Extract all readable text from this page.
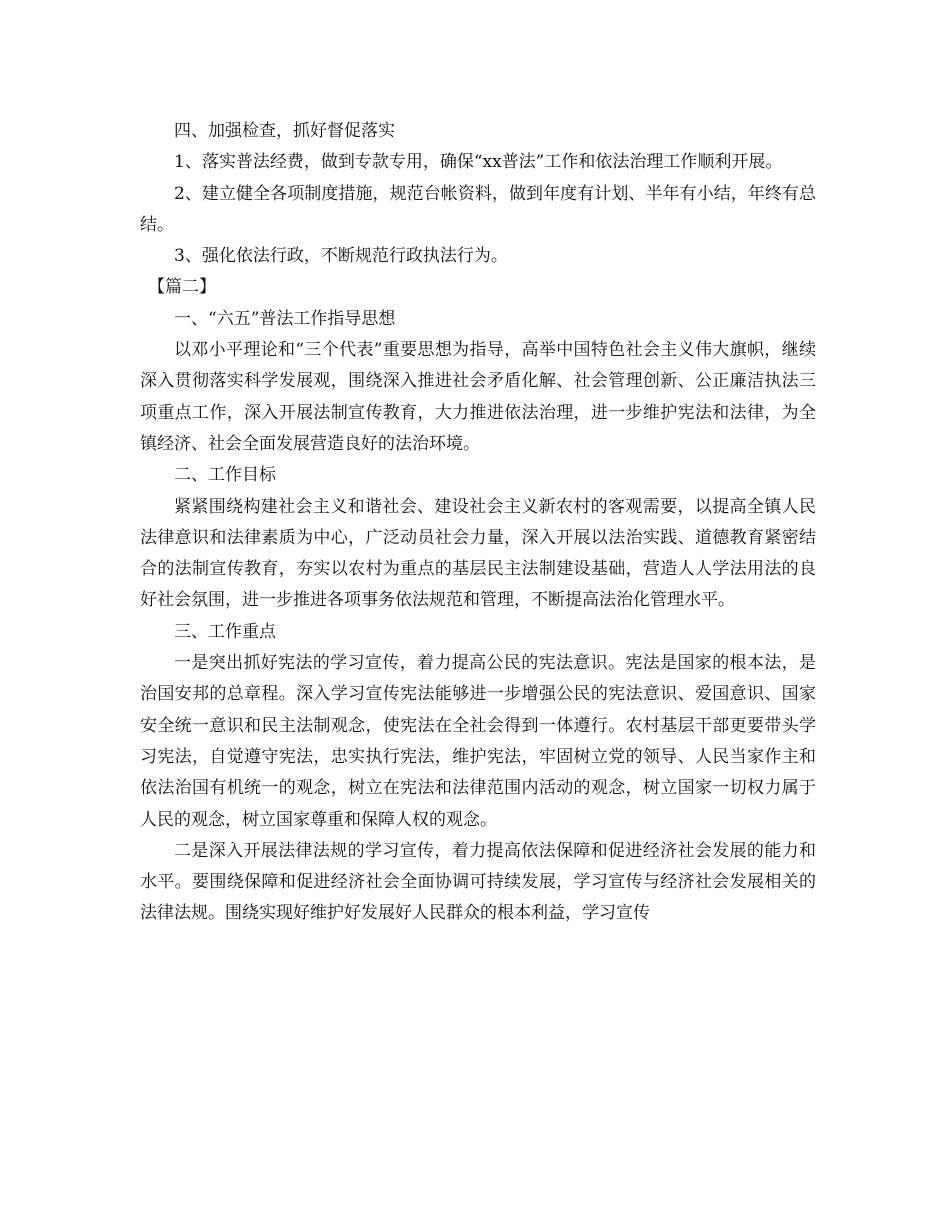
四、加强检查，抓好督促落实

1、落实普法经费，做到专款专用，确保“xx普法”工作和依法治理工作顺利开展。

2、建立健全各项制度措施，规范台帐资料，做到年度有计划、半年有小结，年终有总结。

3、强化依法行政，不断规范行政执法行为。

【篇二】

一、“六五”普法工作指导思想

以邓小平理论和“三个代表”重要思想为指导，高举中国特色社会主义伟大旗帜，继续深入贯彻落实科学发展观，围绕深入推进社会矛盾化解、社会管理创新、公正廉洁执法三项重点工作，深入开展法制宣传教育，大力推进依法治理，进一步维护宪法和法律，为全镇经济、社会全面发展营造良好的法治环境。

二、工作目标

紧紧围绕构建社会主义和谐社会、建设社会主义新农村的客观需要，以提高全镇人民法律意识和法律素质为中心，广泛动员社会力量，深入开展以法治实践、道德教育紧密结合的法制宣传教育，夯实以农村为重点的基层民主法制建设基础，营造人人学法用法的良好社会氛围，进一步推进各项事务依法规范和管理，不断提高法治化管理水平。

三、工作重点

一是突出抓好宪法的学习宣传，着力提高公民的宪法意识。宪法是国家的根本法，是治国安邦的总章程。深入学习宣传宪法能够进一步增强公民的宪法意识、爱国意识、国家安全统一意识和民主法制观念，使宪法在全社会得到一体遵行。农村基层干部更要带头学习宪法，自觉遵守宪法，忠实执行宪法，维护宪法，牢固树立党的领导、人民当家作主和依法治国有机统一的观念，树立在宪法和法律范围内活动的观念，树立国家一切权力属于人民的观念，树立国家尊重和保障人权的观念。

二是深入开展法律法规的学习宣传，着力提高依法保障和促进经济社会发展的能力和水平。要围绕保障和促进经济社会全面协调可持续发展，学习宣传与经济社会发展相关的法律法规。围绕实现好维护好发展好人民群众的根本利益，学习宣传
